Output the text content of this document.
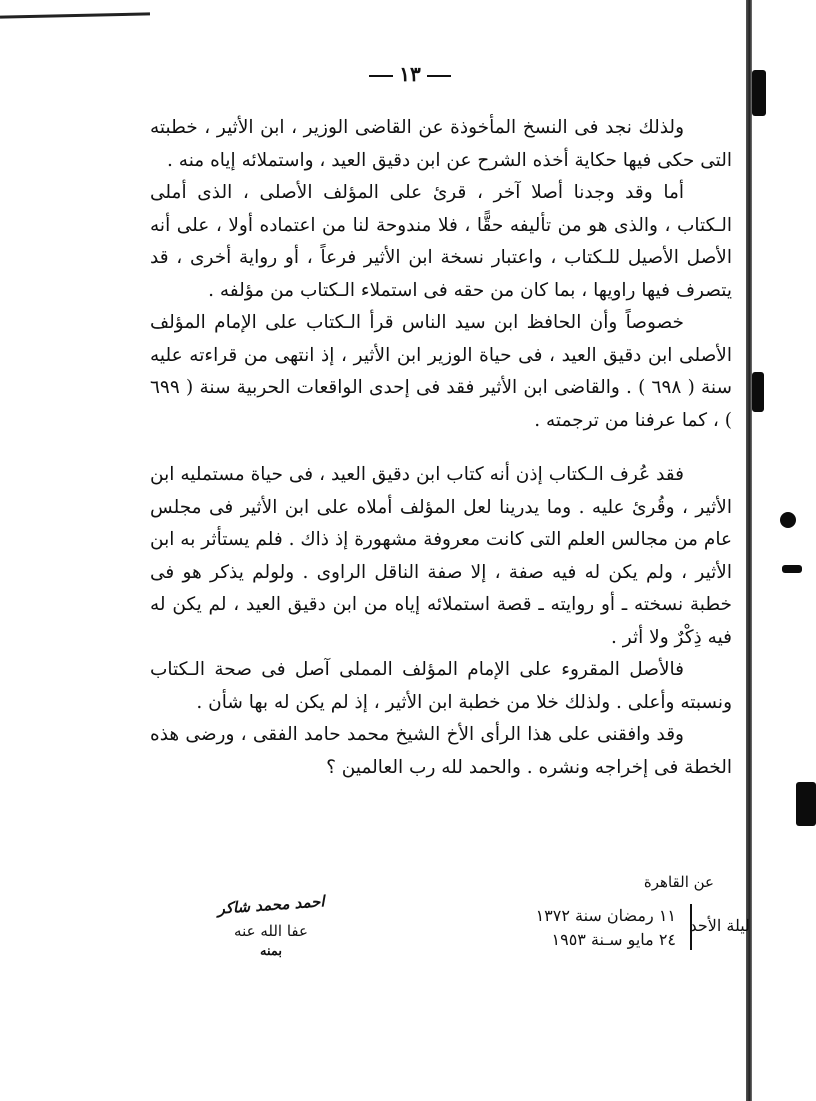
١٣

ولذلك نجد فى النسخ المأخوذة عن القاضى الوزير ، ابن الأثير ، خطبته التى حكى فيها حكاية أخذه الشرح عن ابن دقيق العيد ، واستملائه إياه منه .

أما وقد وجدنا أصلا آخر ، قرئ على المؤلف الأصلى ، الذى أملى الـكتاب ، والذى هو من تأليفه حقًّا ، فلا مندوحة لنا من اعتماده أولا ، على أنه الأصل الأصيل للـكتاب ، واعتبار نسخة ابن الأثير فرعاً ، أو رواية أخرى ، قد يتصرف فيها راويها ، بما كان من حقه فى استملاء الـكتاب من مؤلفه .

خصوصاً وأن الحافظ ابن سيد الناس قرأ الـكتاب على الإمام المؤلف الأصلى ابن دقيق العيد ، فى حياة الوزير ابن الأثير ، إذ انتهى من قراءته عليه سنة ( ٦٩٨ ) . والقاضى ابن الأثير فقد فى إحدى الواقعات الحربية سنة ( ٦٩٩ ) ، كما عرفنا من ترجمته .

فقد عُرف الـكتاب إذن أنه كتاب ابن دقيق العيد ، فى حياة مستمليه ابن الأثير ، وقُرئ عليه . وما يدرينا لعل المؤلف أملاه على ابن الأثير فى مجلس عام من مجالس العلم التى كانت معروفة مشهورة إذ ذاك . فلم يستأثر به ابن الأثير ، ولم يكن له فيه صفة ، إلا صفة الناقل الراوى . ولولم يذكر هو فى خطبة نسخته ـ أو روايته ـ قصة استملائه إياه من ابن دقيق العيد ، لم يكن له فيه ذِكْرٌ ولا أثر .

فالأصل المقروء على الإمام المؤلف المملى آصل فى صحة الـكتاب ونسبته وأعلى . ولذلك خلا من خطبة ابن الأثير ، إذ لم يكن له بها شأن .

وقد وافقنى على هذا الرأى الأخ الشيخ محمد حامد الفقى ، ورضى هذه الخطة فى إخراجه ونشره . والحمد لله رب العالمين ؟

عن القاهرة
ليلة الأحد
١١ رمضان سنة ١٣٧٢
٢٤ مايو سـنة ١٩٥٣
احمد محمد شاكر
عفا الله عنه
بمنه
